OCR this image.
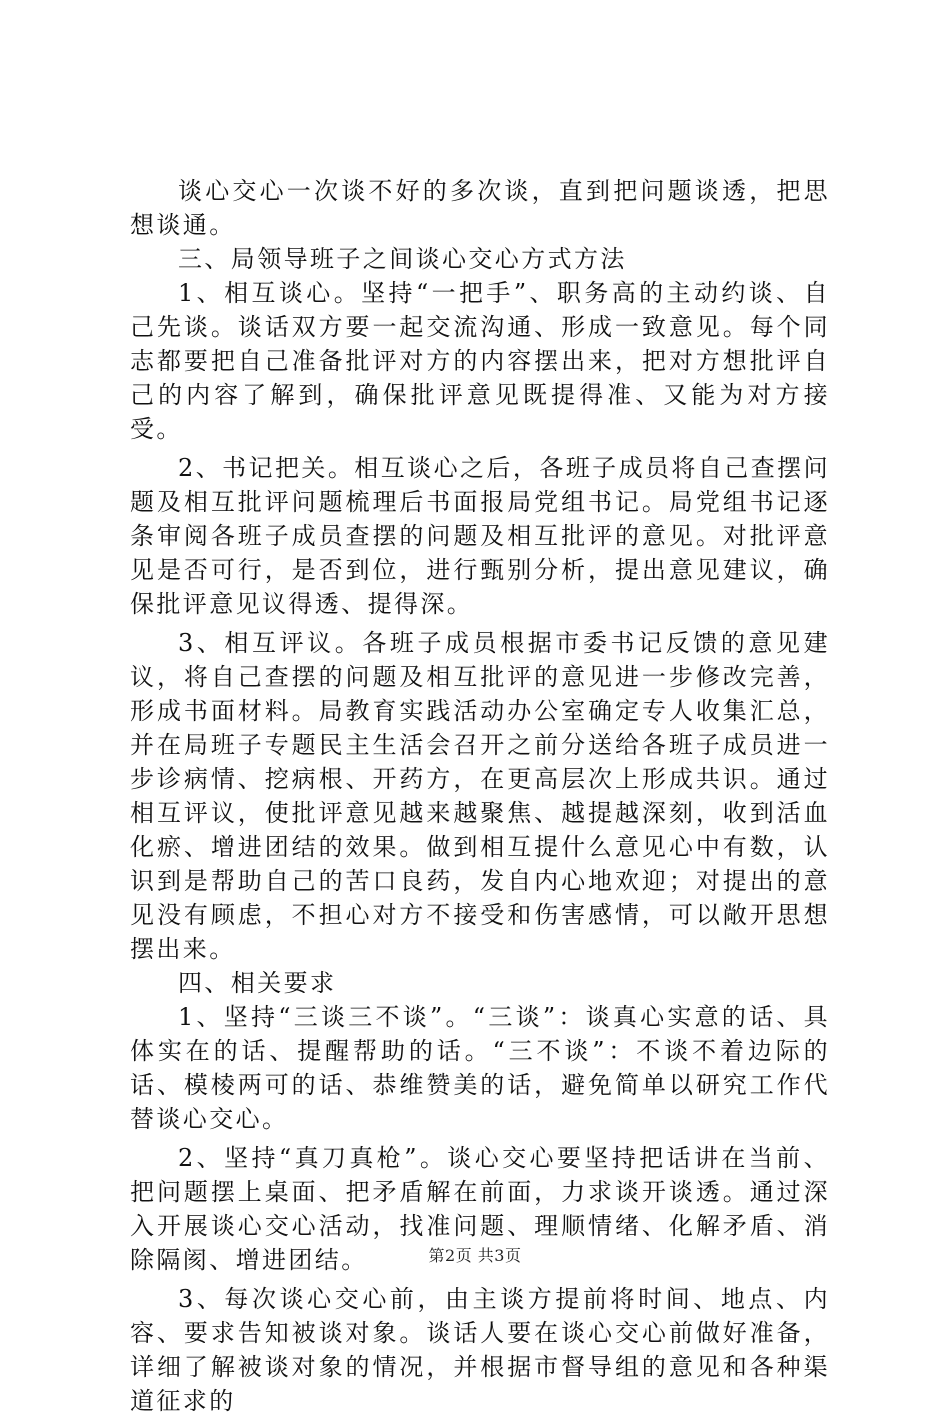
谈心交心一次谈不好的多次谈，直到把问题谈透，把思想谈通。

三、局领导班子之间谈心交心方式方法

1、相互谈心。坚持“一把手”、职务高的主动约谈、自己先谈。谈话双方要一起交流沟通、形成一致意见。每个同志都要把自己准备批评对方的内容摆出来，把对方想批评自己的内容了解到，确保批评意见既提得准、又能为对方接受。

2、书记把关。相互谈心之后，各班子成员将自己查摆问题及相互批评问题梳理后书面报局党组书记。局党组书记逐条审阅各班子成员查摆的问题及相互批评的意见。对批评意见是否可行，是否到位，进行甄别分析，提出意见建议，确保批评意见议得透、提得深。

3、相互评议。各班子成员根据市委书记反馈的意见建议，将自己查摆的问题及相互批评的意见进一步修改完善，形成书面材料。局教育实践活动办公室确定专人收集汇总，并在局班子专题民主生活会召开之前分送给各班子成员进一步诊病情、挖病根、开药方，在更高层次上形成共识。通过相互评议，使批评意见越来越聚焦、越提越深刻，收到活血化瘀、增进团结的效果。做到相互提什么意见心中有数，认识到是帮助自己的苦口良药，发自内心地欢迎；对提出的意见没有顾虑，不担心对方不接受和伤害感情，可以敞开思想摆出来。

四、相关要求

1、坚持“三谈三不谈”。“三谈”：谈真心实意的话、具体实在的话、提醒帮助的话。“三不谈”：不谈不着边际的话、模棱两可的话、恭维赞美的话，避免简单以研究工作代替谈心交心。

2、坚持“真刀真枪”。谈心交心要坚持把话讲在当前、把问题摆上桌面、把矛盾解在前面，力求谈开谈透。通过深入开展谈心交心活动，找准问题、理顺情绪、化解矛盾、消除隔阂、增进团结。

3、每次谈心交心前，由主谈方提前将时间、地点、内容、要求告知被谈对象。谈话人要在谈心交心前做好准备，详细了解被谈对象的情况，并根据市督导组的意见和各种渠道征求的

第2页 共3页
